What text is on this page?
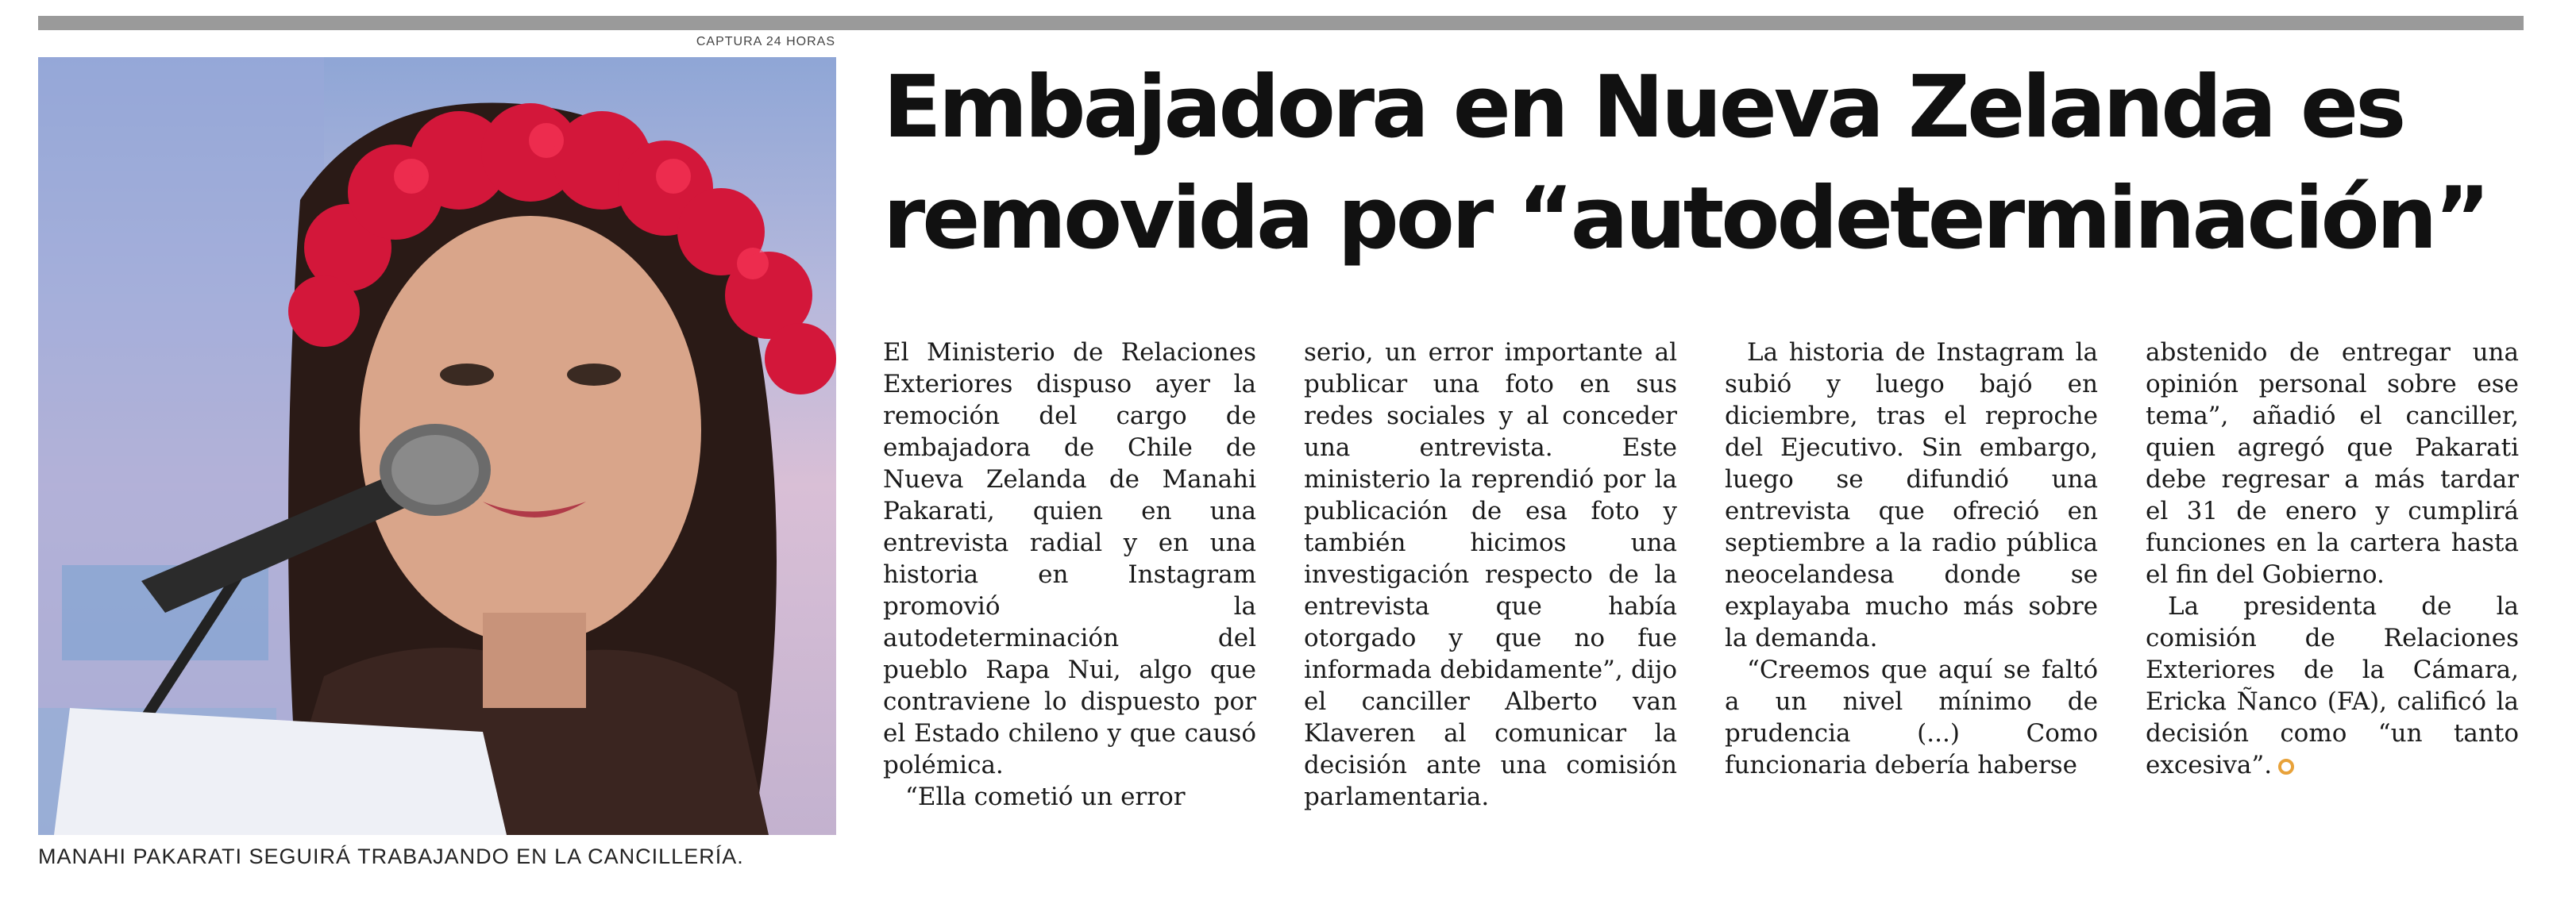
CAPTURA 24 HORAS
MANAHI PAKARATI SEGUIRÁ TRABAJANDO EN LA CANCILLERÍA.
Embajadora en Nueva Zelanda es
removida por “autodeterminación”

El Ministerio de Relaciones Exteriores dispuso ayer la remoción del cargo de embajadora de Chile de Nueva Zelanda de Manahi Pakarati, quien en una entrevista radial y en una historia en Instagram promovió la autodeterminación del pueblo Rapa Nui, algo que contraviene lo dispuesto por el Estado chileno y que causó polémica.

“Ella cometió un error

serio, un error importante al publicar una foto en sus redes sociales y al conceder una entrevista. Este ministerio la reprendió por la publicación de esa foto y también hicimos una investigación respecto de la entrevista que había otorgado y que no fue informada debidamente”, dijo el canciller Alberto van Klaveren al comunicar la decisión ante una comisión parlamentaria.

La historia de Instagram la subió y luego bajó en diciembre, tras el reproche del Ejecutivo. Sin embargo, luego se difundió una entrevista que ofreció en septiembre a la radio pública neocelandesa donde se explayaba mucho más sobre la demanda.

“Creemos que aquí se faltó a un nivel mínimo de prudencia (...) Como funcionaria debería haberse

abstenido de entregar una opinión personal sobre ese tema”, añadió el canciller, quien agregó que Pakarati debe regresar a más tardar el 31 de enero y cumplirá funciones en la cartera hasta el fin del Gobierno.

La presidenta de la comisión de Relaciones Exteriores de la Cámara, Ericka Ñanco (FA), calificó la decisión como “un tanto excesiva”.
